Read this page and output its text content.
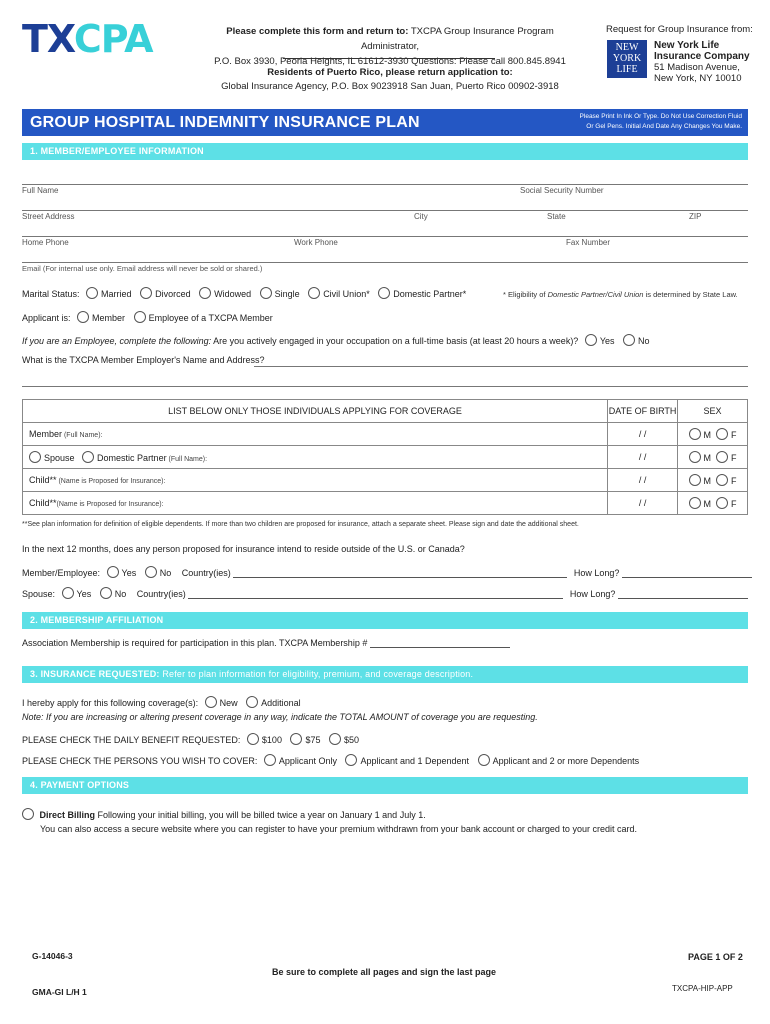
TXCPA	Please complete this form and return to: TXCPA Group Insurance Program Administrator,
P.O. Box 3930, Peoria Heights, IL 61612-3930 Questions: Please call 800.845.8941
Residents of Puerto Rico, please return application to:
Global Insurance Agency, P.O. Box 9023918 San Juan, Puerto Rico 00902-3918
Request for Group Insurance from:
NEW
YORK
LIFE
New York Life
Insurance Company
51 Madison Avenue,
New York, NY 10010
GROUP HOSPITAL INDEMNITY INSURANCE PLAN	Please Print In Ink Or Type. Do Not Use Correction Fluid
Or Gel Pens. Initial And Date Any Changes You Make.
1. MEMBER/EMPLOYEE INFORMATION
Full Name	Social Security Number
Street Address	City	State	ZIP
Home Phone	Work Phone	Fax Number
Email (For internal use only. Email address will never be sold or shared.)
Marital Status: Married	Divorced	Widowed	Single	Civil Union*	Domestic Partner*	* Eligibility of Domestic Partner/Civil Union is determined by State Law.
Applicant is: Member	Employee of a TXCPA Member
If you are an Employee, complete the following: Are you actively engaged in your occupation on a full-time basis (at least 20 hours a week)? Yes	No
What is the TXCPA Member Employer's Name and Address?
LIST BELOW ONLY THOSE INDIVIDUALS APPLYING FOR COVERAGE	DATE OF BIRTH	SEX
Member (Full Name):	/ /	M F
Spouse Domestic Partner (Full Name):	/ /	M F
Child** (Name is Proposed for Insurance):	/ /	M F
Child**(Name is Proposed for Insurance):	/ /	M F
**See plan information for definition of eligible dependents. If more than two children are proposed for insurance, attach a separate sheet. Please sign and date the additional sheet.
In the next 12 months, does any person proposed for insurance intend to reside outside of the U.S. or Canada?
Member/Employee: Yes	No Country(ies)	How Long?
Spouse: Yes	No Country(ies)	How Long?
2. MEMBERSHIP AFFILIATION
Association Membership is required for participation in this plan. TXCPA Membership #
3. INSURANCE REQUESTED: Refer to plan information for eligibility, premium, and coverage description.
I hereby apply for this following coverage(s): New	Additional
Note: If you are increasing or altering present coverage in any way, indicate the TOTAL AMOUNT of coverage you are requesting.
PLEASE CHECK THE DAILY BENEFIT REQUESTED: $100	$75	$50
PLEASE CHECK THE PERSONS YOU WISH TO COVER: Applicant Only	Applicant and 1 Dependent	Applicant and 2 or more Dependents
4. PAYMENT OPTIONS
Direct Billing Following your initial billing, you will be billed twice a year on January 1 and July 1.
You can also access a secure website where you can register to have your premium withdrawn from your bank account or charged to your credit card.
G-14046-3
GMA-GI L/H 1
Be sure to complete all pages and sign the last page
PAGE 1 OF 2
TXCPA-HIP-APP
